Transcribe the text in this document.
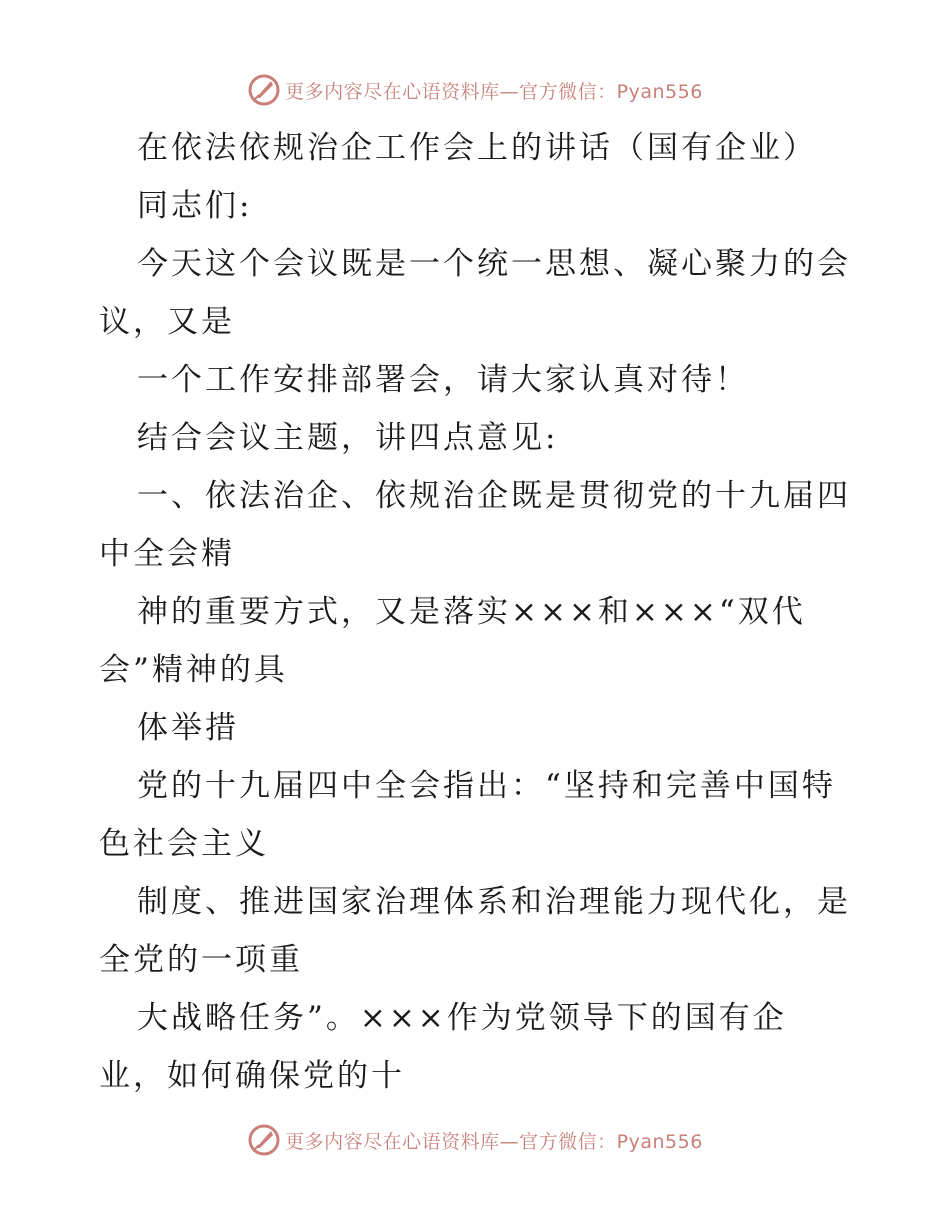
更多内容尽在心语资料库—官方微信：Pyan556
在依法依规治企工作会上的讲话（国有企业）
同志们:
今天这个会议既是一个统一思想、凝心聚力的会
议，又是
一个工作安排部署会，请大家认真对待！
结合会议主题，讲四点意见:
一、依法治企、依规治企既是贯彻党的十九届四
中全会精
神的重要方式，又是落实×××和×××“双代
会”精神的具
体举措
党的十九届四中全会指出：“坚持和完善中国特
色社会主义
制度、推进国家治理体系和治理能力现代化，是
全党的一项重
大战略任务”。×××作为党领导下的国有企
业，如何确保党的十
更多内容尽在心语资料库—官方微信：Pyan556
